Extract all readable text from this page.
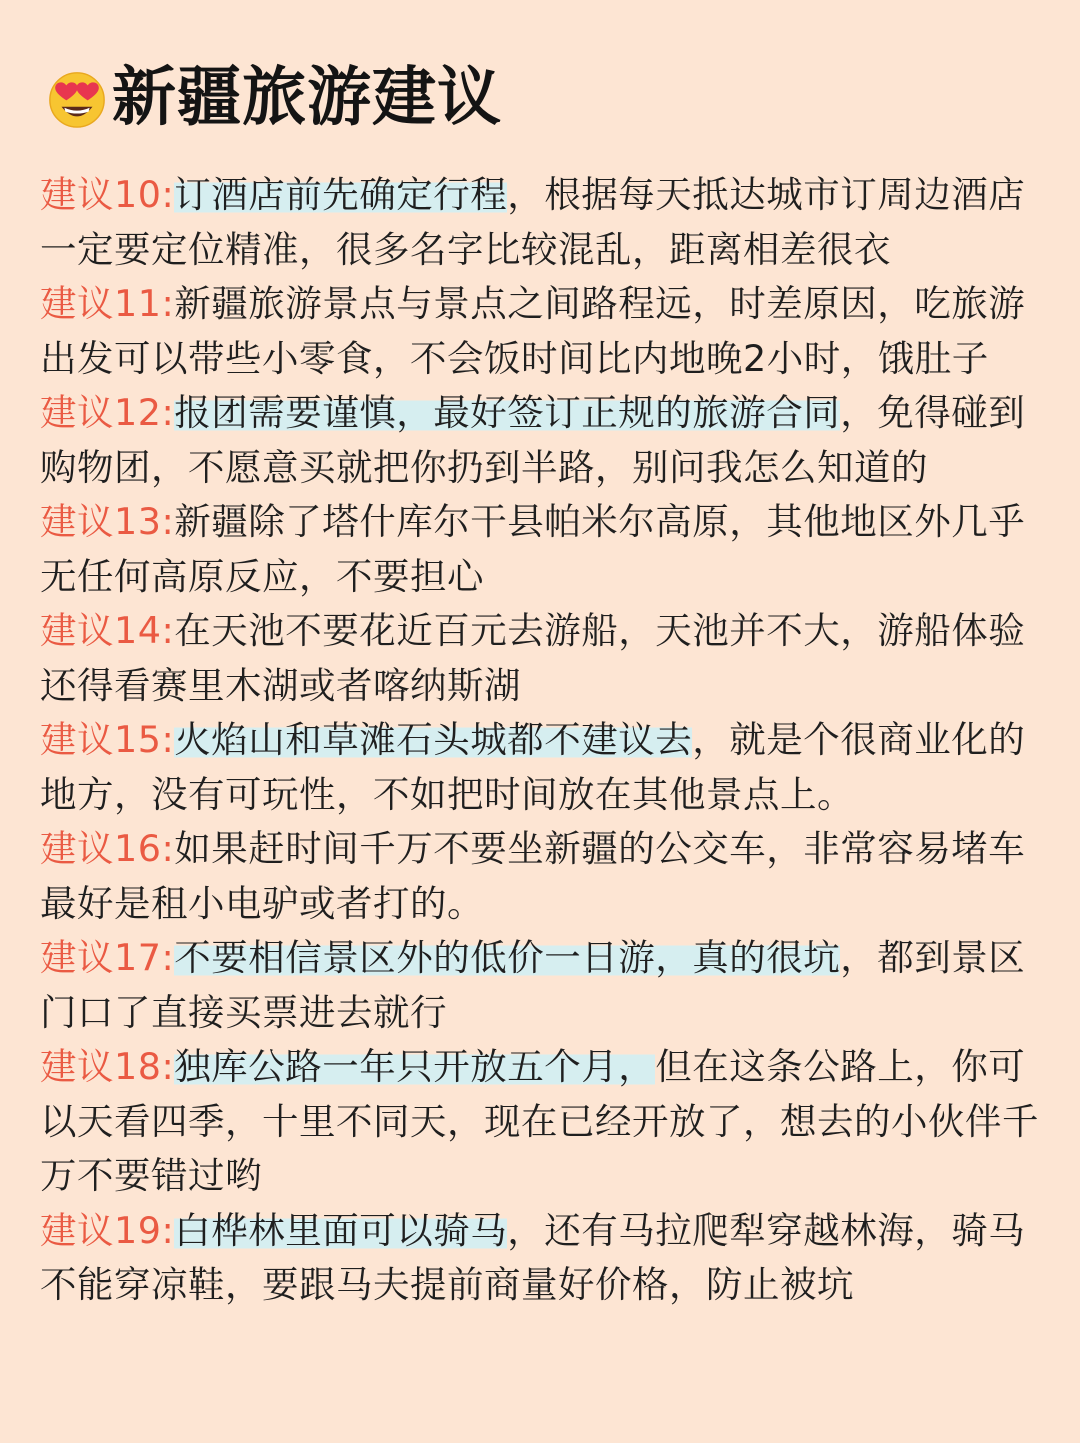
新疆旅游建议

建议10:订酒店前先确定行程，根据每天抵达城市订周边酒店一定要定位精准，很多名字比较混乱，距离相差很衣

建议11:新疆旅游景点与景点之间路程远，时差原因，吃旅游出发可以带些小零食，不会饭时间比内地晚2小时，饿肚子

建议12:报团需要谨慎，最好签订正规的旅游合同，免得碰到购物团，不愿意买就把你扔到半路，别问我怎么知道的

建议13:新疆除了塔什库尔干县帕米尔高原，其他地区外几乎无任何高原反应，不要担心

建议14:在天池不要花近百元去游船，天池并不大，游船体验还得看赛里木湖或者喀纳斯湖

建议15:火焰山和草滩石头城都不建议去，就是个很商业化的地方，没有可玩性，不如把时间放在其他景点上。

建议16:如果赶时间千万不要坐新疆的公交车，非常容易堵车最好是租小电驴或者打的。

建议17:不要相信景区外的低价一日游，真的很坑，都到景区门口了直接买票进去就行

建议18:独库公路一年只开放五个月，但在这条公路上，你可以天看四季，十里不同天，现在已经开放了，想去的小伙伴千万不要错过哟

建议19:白桦林里面可以骑马，还有马拉爬犁穿越林海，骑马不能穿凉鞋，要跟马夫提前商量好价格，防止被坑
